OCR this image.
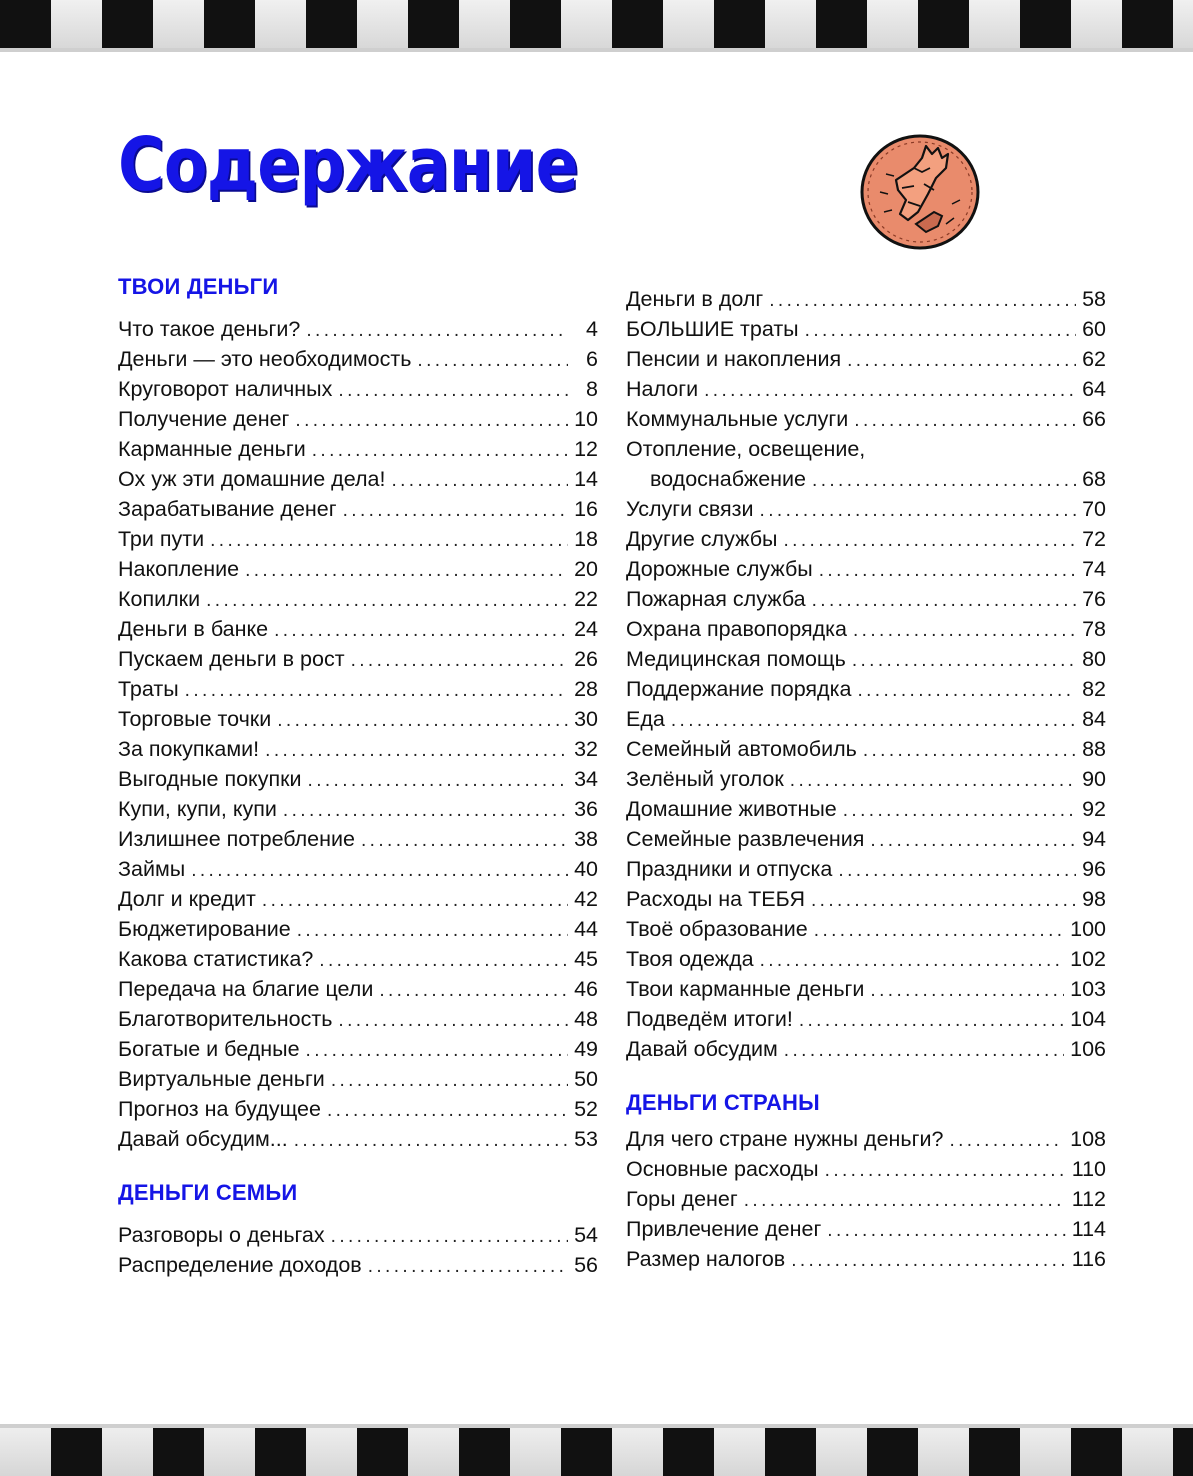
Содержание
ТВОИ ДЕНЬГИ
Что такое деньги? .....	4
Деньги — это необходимость .....	6
Круговорот наличных .....	8
Получение денег .....	10
Карманные деньги .....	12
Ох уж эти домашние дела! .....	14
Зарабатывание денег .....	16
Три пути .....	18
Накопление .....	20
Копилки .....	22
Деньги в банке .....	24
Пускаем деньги в рост .....	26
Траты .....	28
Торговые точки .....	30
За покупками! .....	32
Выгодные покупки .....	34
Купи, купи, купи .....	36
Излишнее потребление .....	38
Займы .....	40
Долг и кредит .....	42
Бюджетирование .....	44
Какова статистика? .....	45
Передача на благие цели .....	46
Благотворительность .....	48
Богатые и бедные .....	49
Виртуальные деньги .....	50
Прогноз на будущее .....	52
Давай обсудим... .....	53
ДЕНЬГИ СЕМЬИ
Разговоры о деньгах .....	54
Распределение доходов .....	56
Деньги в долг .....	58
БОЛЬШИЕ траты .....	60
Пенсии и накопления .....	62
Налоги .....	64
Коммунальные услуги .....	66
Отопление, освещение,
водоснабжение .....	68
Услуги связи .....	70
Другие службы .....	72
Дорожные службы .....	74
Пожарная служба .....	76
Охрана правопорядка .....	78
Медицинская помощь .....	80
Поддержание порядка .....	82
Еда .....	84
Семейный автомобиль .....	88
Зелёный уголок .....	90
Домашние животные .....	92
Семейные развлечения .....	94
Праздники и отпуска .....	96
Расходы на ТЕБЯ .....	98
Твоё образование .....	100
Твоя одежда .....	102
Твои карманные деньги .....	103
Подведём итоги! .....	104
Давай обсудим .....	106
ДЕНЬГИ СТРАНЫ
Для чего стране нужны деньги? .....	108
Основные расходы .....	110
Горы денег .....	112
Привлечение денег .....	114
Размер налогов .....	116
